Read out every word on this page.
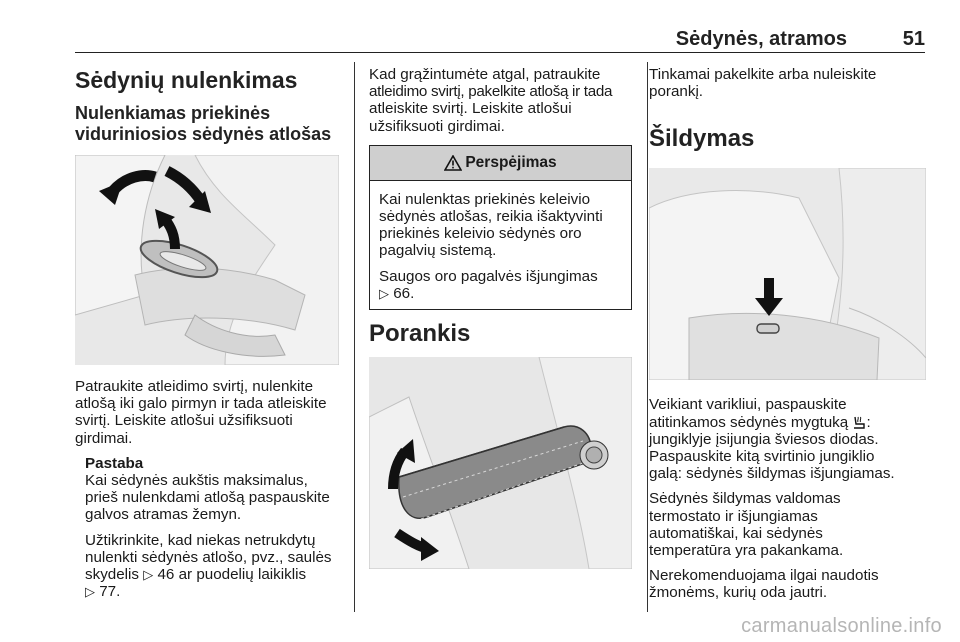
Sėdynės, atramos	51
Sėdynių nulenkimas
Nulenkiamas priekinės
viduriniosios sėdynės atlošas

Patraukite atleidimo svirtį, nulenkite
atlošą iki galo pirmyn ir tada atleiskite
svirtį. Leiskite atlošui užsifiksuoti
girdimai.

Pastaba

Kai sėdynės aukštis maksimalus,
prieš nulenkdami atlošą paspauskite
galvos atramas žemyn.

Užtikrinkite, kad niekas netrukdytų
nulenkti sėdynės atlošo, pvz., saulės
skydelis ▷ 46 ar puodelių laikiklis
▷ 77.

Kad grąžintumėte atgal, patraukite
atleidimo svirtį, pakelkite atlošą ir tada
atleiskite svirtį. Leiskite atlošui
užsifiksuoti girdimai.

Perspėjimas

Kai nulenktas priekinės keleivio
sėdynės atlošas, reikia išaktyvinti
priekinės keleivio sėdynės oro
pagalvių sistemą.

Saugos oro pagalvės išjungimas
▷ 66.

Porankis

Tinkamai pakelkite arba nuleiskite
porankį.

Šildymas

Veikiant varikliui, paspauskite
atitinkamos sėdynės mygtuką :
jungiklyje įsijungia šviesos diodas.
Paspauskite kitą svirtinio jungiklio
galą: sėdynės šildymas išjungiamas.

Sėdynės šildymas valdomas
termostato ir išjungiamas
automatiškai, kai sėdynės
temperatūra yra pakankama.

Nerekomenduojama ilgai naudotis
žmonėms, kurių oda jautri.

carmanualsonline.info
